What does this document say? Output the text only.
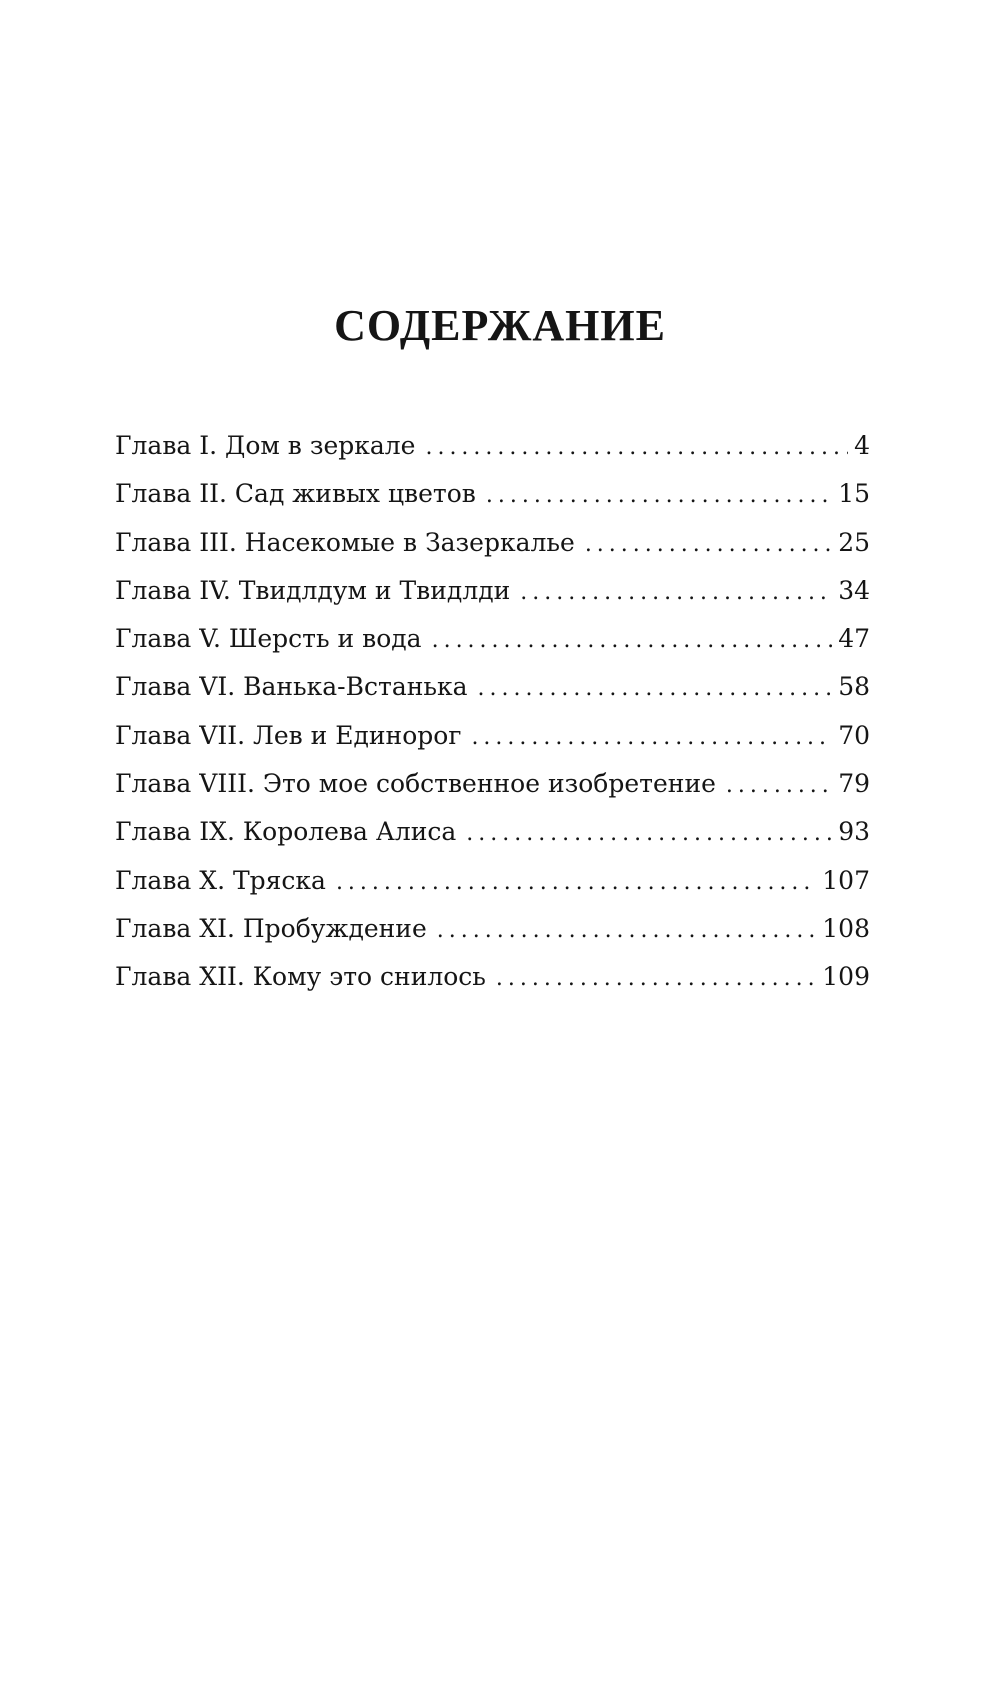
СОДЕРЖАНИЕ
Глава I. Дом в зеркале . . .	4
Глава II. Сад живых цветов . . .	15
Глава III. Насекомые в Зазеркалье . . .	25
Глава IV. Твидлдум и Твидлди . . .	34
Глава V. Шерсть и вода . . .	47
Глава VI. Ванька-Встанька . . .	58
Глава VII. Лев и Единорог . . .	70
Глава VIII. Это мое собственное изобретение . . .	79
Глава IX. Королева Алиса . . .	93
Глава X. Тряска . . .	107
Глава XI. Пробуждение . . .	108
Глава XII. Кому это снилось . . .	109
